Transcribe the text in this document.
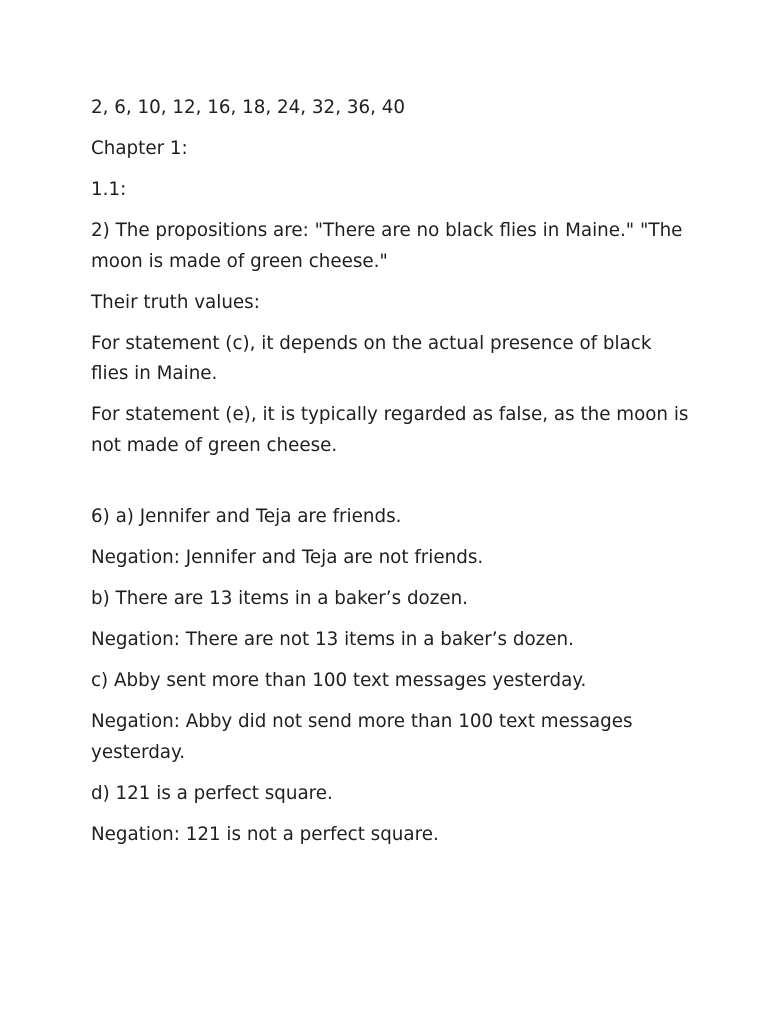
2, 6, 10, 12, 16, 18, 24, 32, 36, 40

Chapter 1:

1.1:

2) The propositions are: "There are no black flies in Maine." "The moon is made of green cheese."

Their truth values:

For statement (c), it depends on the actual presence of black flies in Maine.

For statement (e), it is typically regarded as false, as the moon is not made of green cheese.

6) a) Jennifer and Teja are friends.

Negation: Jennifer and Teja are not friends.

b) There are 13 items in a baker’s dozen.

Negation: There are not 13 items in a baker’s dozen.

c) Abby sent more than 100 text messages yesterday.

Negation: Abby did not send more than 100 text messages yesterday.

d) 121 is a perfect square.

Negation: 121 is not a perfect square.
